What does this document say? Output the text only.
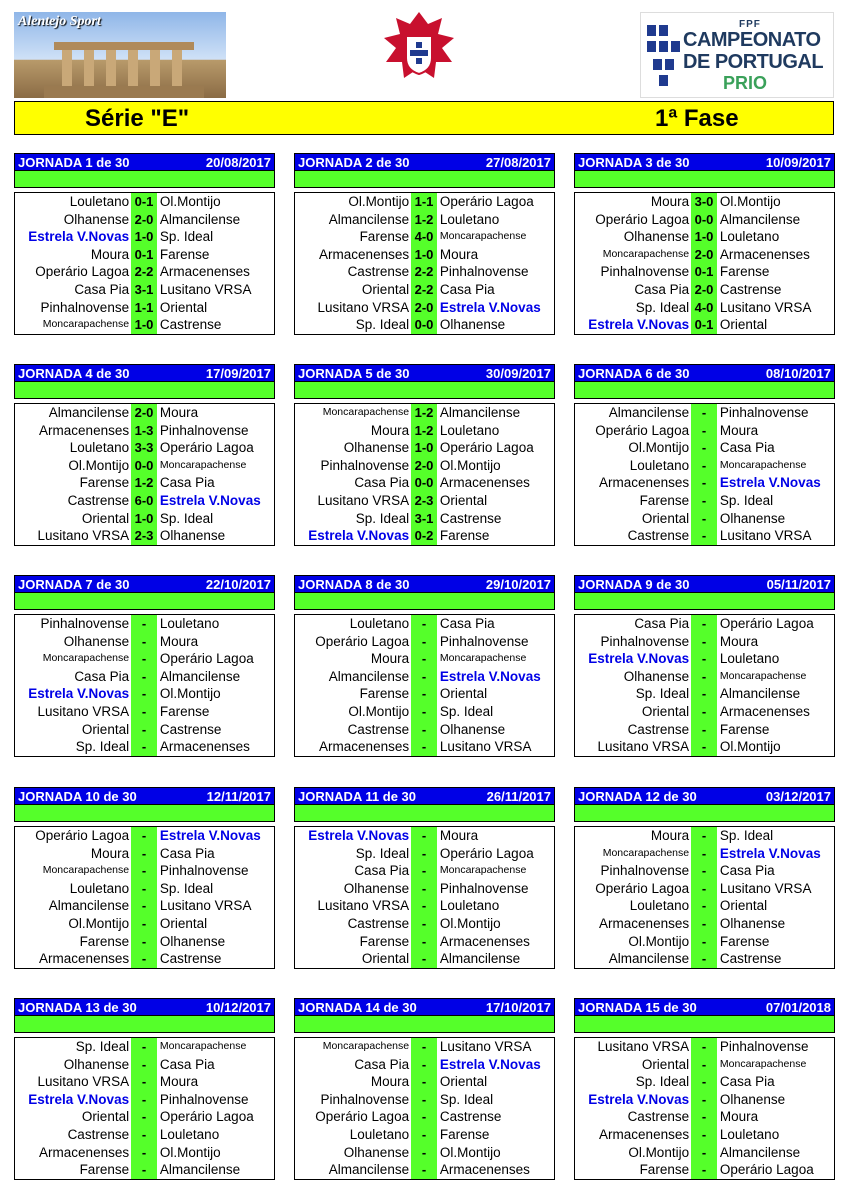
Alentejo Sport	FPF
CAMPEONATO
DE PORTUGAL
PRIO
Série "E"	1ª Fase
JORNADA 1 de 30	20/08/2017
Louletano 0-1 Ol.Montijo
Olhanense 2-0 Almancilense
Estrela V.Novas 1-0 Sp. Ideal
Moura 0-1 Farense
Operário Lagoa 2-2 Armacenenses
Casa Pia 3-1 Lusitano VRSA
Pinhalnovense 1-1 Oriental
Moncarapachense 1-0 Castrense
JORNADA 2 de 30	27/08/2017
Ol.Montijo 1-1 Operário Lagoa
Almancilense 1-2 Louletano
Farense 4-0 Moncarapachense
Armacenenses 1-0 Moura
Castrense 2-2 Pinhalnovense
Oriental 2-2 Casa Pia
Lusitano VRSA 2-0 Estrela V.Novas
Sp. Ideal 0-0 Olhanense
JORNADA 3 de 30	10/09/2017
Moura 3-0 Ol.Montijo
Operário Lagoa 0-0 Almancilense
Olhanense 1-0 Louletano
Moncarapachense 2-0 Armacenenses
Pinhalnovense 0-1 Farense
Casa Pia 2-0 Castrense
Sp. Ideal 4-0 Lusitano VRSA
Estrela V.Novas 0-1 Oriental
JORNADA 4 de 30	17/09/2017
Almancilense 2-0 Moura
Armacenenses 1-3 Pinhalnovense
Louletano 3-3 Operário Lagoa
Ol.Montijo 0-0 Moncarapachense
Farense 1-2 Casa Pia
Castrense 6-0 Estrela V.Novas
Oriental 1-0 Sp. Ideal
Lusitano VRSA 2-3 Olhanense
JORNADA 5 de 30	30/09/2017
Moncarapachense 1-2 Almancilense
Moura 1-2 Louletano
Olhanense 1-0 Operário Lagoa
Pinhalnovense 2-0 Ol.Montijo
Casa Pia 0-0 Armacenenses
Lusitano VRSA 2-3 Oriental
Sp. Ideal 3-1 Castrense
Estrela V.Novas 0-2 Farense
JORNADA 6 de 30	08/10/2017
Almancilense -	Pinhalnovense
Operário Lagoa -	Moura
Ol.Montijo -	Casa Pia
Louletano -	Moncarapachense
Armacenenses -	Estrela V.Novas
Farense -	Sp. Ideal
Oriental -	Olhanense
Castrense -	Lusitano VRSA
JORNADA 7 de 30	22/10/2017
Pinhalnovense -	Louletano
Olhanense -	Moura
Moncarapachense -	Operário Lagoa
Casa Pia -	Almancilense
Estrela V.Novas -	Ol.Montijo
Lusitano VRSA -	Farense
Oriental -	Castrense
Sp. Ideal -	Armacenenses
JORNADA 8 de 30	29/10/2017
Louletano -	Casa Pia
Operário Lagoa -	Pinhalnovense
Moura -	Moncarapachense
Almancilense -	Estrela V.Novas
Farense -	Oriental
Ol.Montijo -	Sp. Ideal
Castrense -	Olhanense
Armacenenses -	Lusitano VRSA
JORNADA 9 de 30	05/11/2017
Casa Pia -	Operário Lagoa
Pinhalnovense -	Moura
Estrela V.Novas -	Louletano
Olhanense -	Moncarapachense
Sp. Ideal -	Almancilense
Oriental -	Armacenenses
Castrense -	Farense
Lusitano VRSA -	Ol.Montijo
JORNADA 10 de 30	12/11/2017
Operário Lagoa -	Estrela V.Novas
Moura -	Casa Pia
Moncarapachense -	Pinhalnovense
Louletano -	Sp. Ideal
Almancilense -	Lusitano VRSA
Ol.Montijo -	Oriental
Farense -	Olhanense
Armacenenses -	Castrense
JORNADA 11 de 30	26/11/2017
Estrela V.Novas -	Moura
Sp. Ideal -	Operário Lagoa
Casa Pia -	Moncarapachense
Olhanense -	Pinhalnovense
Lusitano VRSA -	Louletano
Castrense -	Ol.Montijo
Farense -	Armacenenses
Oriental -	Almancilense
JORNADA 12 de 30	03/12/2017
Moura -	Sp. Ideal
Moncarapachense -	Estrela V.Novas
Pinhalnovense -	Casa Pia
Operário Lagoa -	Lusitano VRSA
Louletano -	Oriental
Armacenenses -	Olhanense
Ol.Montijo -	Farense
Almancilense -	Castrense
JORNADA 13 de 30	10/12/2017
Sp. Ideal -	Moncarapachense
Olhanense -	Casa Pia
Lusitano VRSA -	Moura
Estrela V.Novas -	Pinhalnovense
Oriental -	Operário Lagoa
Castrense -	Louletano
Armacenenses -	Ol.Montijo
Farense -	Almancilense
JORNADA 14 de 30	17/10/2017
Moncarapachense -	Lusitano VRSA
Casa Pia -	Estrela V.Novas
Moura -	Oriental
Pinhalnovense -	Sp. Ideal
Operário Lagoa -	Castrense
Louletano -	Farense
Olhanense -	Ol.Montijo
Almancilense -	Armacenenses
JORNADA 15 de 30	07/01/2018
Lusitano VRSA -	Pinhalnovense
Oriental -	Moncarapachense
Sp. Ideal -	Casa Pia
Estrela V.Novas -	Olhanense
Castrense -	Moura
Armacenenses -	Louletano
Ol.Montijo -	Almancilense
Farense -	Operário Lagoa
